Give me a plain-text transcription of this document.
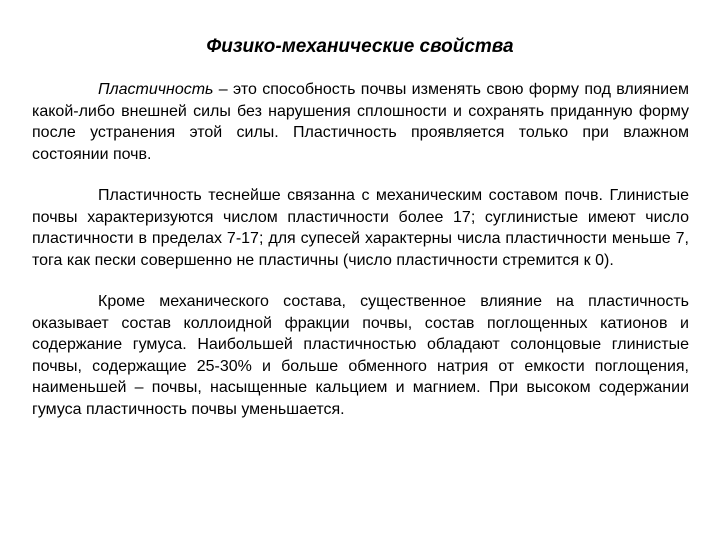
Физико-механические свойства

Пластичность – это способность почвы изменять свою форму под влиянием какой-либо внешней силы без нарушения сплошности и сохранять приданную форму после устранения этой силы. Пластичность проявляется только при влажном состоянии почв.

Пластичность теснейше связанна с механическим составом почв. Глинистые почвы характеризуются числом пластичности более 17; суглинистые имеют число пластичности в пределах 7-17; для супесей характерны числа пластичности меньше 7, тога как пески совершенно не пластичны (число пластичности стремится к 0).

Кроме механического состава, существенное влияние на пластичность оказывает состав коллоидной фракции почвы, состав поглощенных катионов и содержание гумуса. Наибольшей пластичностью обладают солонцовые глинистые почвы, содержащие 25-30% и больше обменного натрия от емкости поглощения, наименьшей – почвы, насыщенные кальцием и магнием. При высоком содержании гумуса пластичность почвы уменьшается.
